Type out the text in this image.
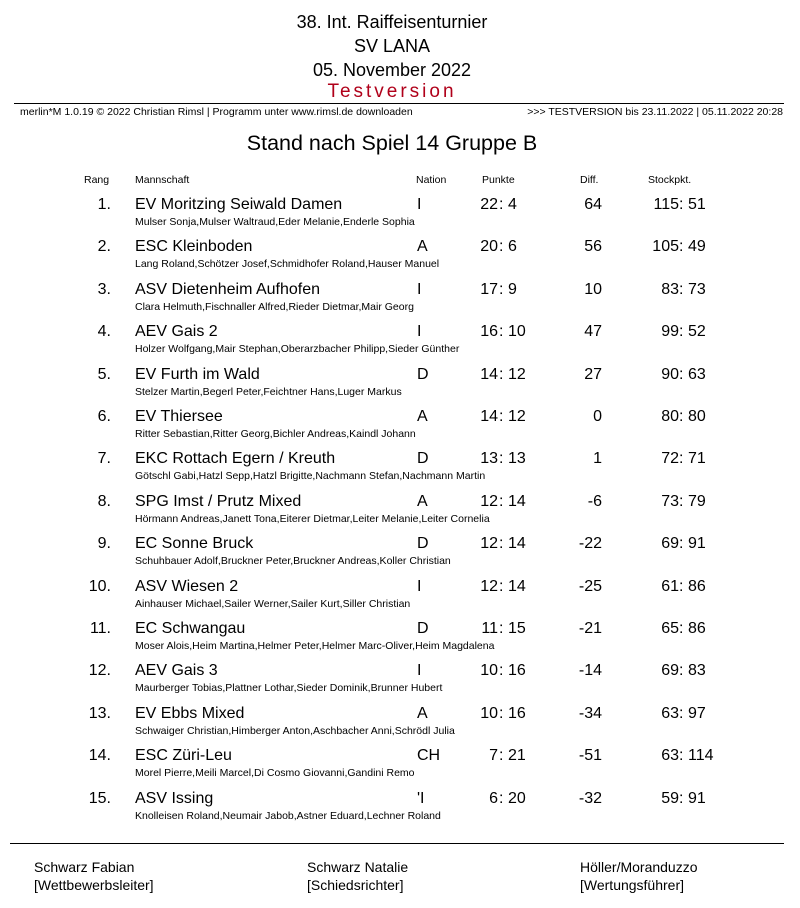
38. Int. Raiffeisenturnier
SV LANA
05. November 2022
Testversion
merlin*M 1.0.19 © 2022 Christian Rimsl | Programm unter www.rimsl.de downloaden	>>> TESTVERSION bis 23.11.2022 | 05.11.2022 20:28
Stand nach Spiel 14 Gruppe B
Rang Mannschaft	Nation	Punkte	Diff.	Stockpkt.
1. EV Moritzing Seiwald Damen	I	22 : 4	64	115 : 51
Mulser Sonja,Mulser Waltraud,Eder Melanie,Enderle Sophia
2. ESC Kleinboden	A	20 : 6	56	105 : 49
Lang Roland,Schötzer Josef,Schmidhofer Roland,Hauser Manuel
3. ASV Dietenheim Aufhofen	I	17 : 9	10	83 : 73
Clara Helmuth,Fischnaller Alfred,Rieder Dietmar,Mair Georg
4. AEV Gais 2	I	16 : 10	47	99 : 52
Holzer Wolfgang,Mair Stephan,Oberarzbacher Philipp,Sieder Günther
5. EV Furth im Wald	D	14 : 12	27	90 : 63
Stelzer Martin,Begerl Peter,Feichtner Hans,Luger Markus
6. EV Thiersee	A	14 : 12	0	80 : 80
Ritter Sebastian,Ritter Georg,Bichler Andreas,Kaindl Johann
7. EKC Rottach Egern / Kreuth	D	13 : 13	1	72 : 71
Götschl Gabi,Hatzl Sepp,Hatzl Brigitte,Nachmann Stefan,Nachmann Martin
8. SPG Imst / Prutz Mixed	A	12 : 14	-6	73 : 79
Hörmann Andreas,Janett Tona,Eiterer Dietmar,Leiter Melanie,Leiter Cornelia
9. EC Sonne Bruck	D	12 : 14	-22	69 : 91
Schuhbauer Adolf,Bruckner Peter,Bruckner Andreas,Koller Christian
10. ASV Wiesen 2	I	12 : 14	-25	61 : 86
Ainhauser Michael,Sailer Werner,Sailer Kurt,Siller Christian
11. EC Schwangau	D	11 : 15	-21	65 : 86
Moser Alois,Heim Martina,Helmer Peter,Helmer Marc-Oliver,Heim Magdalena
12. AEV Gais 3	I	10 : 16	-14	69 : 83
Maurberger Tobias,Plattner Lothar,Sieder Dominik,Brunner Hubert
13. EV Ebbs Mixed	A	10 : 16	-34	63 : 97
Schwaiger Christian,Himberger Anton,Aschbacher Anni,Schrödl Julia
14. ESC Züri-Leu	CH	7 : 21	-51	63 : 114
Morel Pierre,Meili Marcel,Di Cosmo Giovanni,Gandini Remo
15. ASV Issing	'I	6 : 20	-32	59 : 91
Knolleisen Roland,Neumair Jabob,Astner Eduard,Lechner Roland
Schwarz Fabian
[Wettbewerbsleiter]
Schwarz Natalie
[Schiedsrichter]
Höller/Moranduzzo
[Wertungsführer]
